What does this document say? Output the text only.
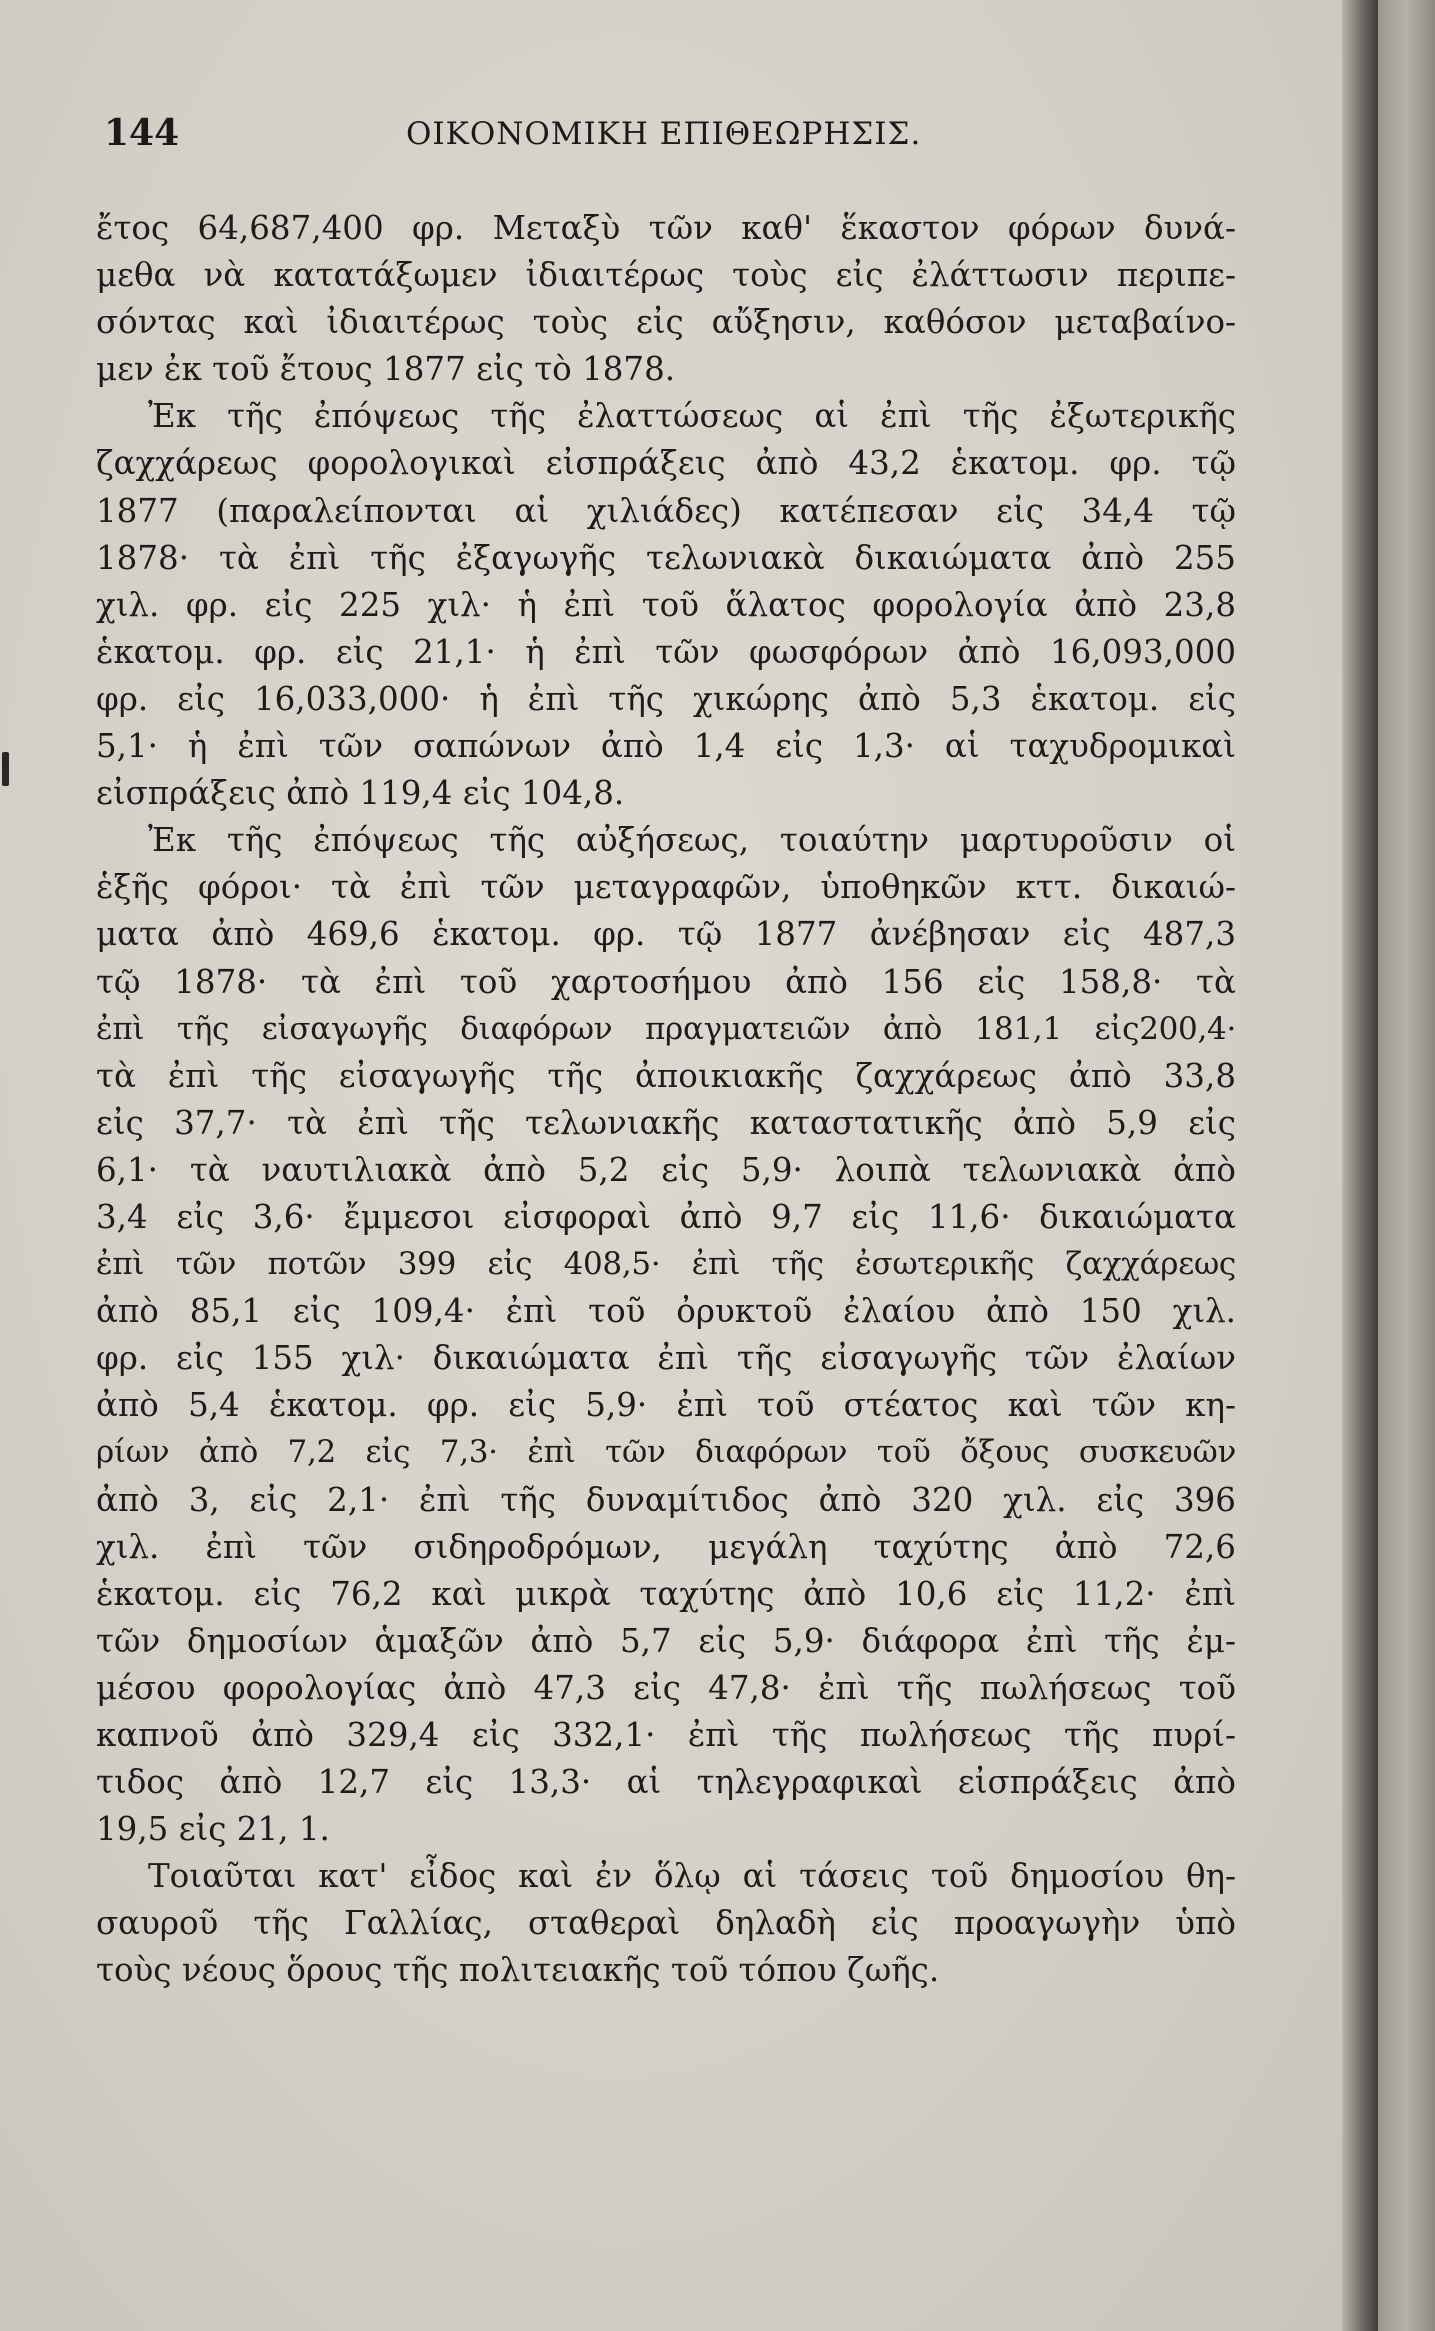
144	ΟΙΚΟΝΟΜΙΚΗ ΕΠΙΘΕΩΡΗΣΙΣ.
ἔτος 64,687,400 φρ. Μεταξὺ τῶν καθ' ἕκαστον φόρων δυνά-
μεθα νὰ κατατάξωμεν ἰδιαιτέρως τοὺς εἰς ἐλάττωσιν περιπε-
σόντας καὶ ἰδιαιτέρως τοὺς εἰς αὔξησιν, καθόσον μεταβαίνο-
μεν ἐκ τοῦ ἔτους 1877 εἰς τὸ 1878.
Ἐκ τῆς ἐπόψεως τῆς ἐλαττώσεως αἱ ἐπὶ τῆς ἐξωτερικῆς
ζαχχάρεως φορολογικαὶ εἰσπράξεις ἀπὸ 43,2 ἑκατομ. φρ. τῷ
1877 (παραλείπονται αἱ χιλιάδες) κατέπεσαν εἰς 34,4 τῷ
1878· τὰ ἐπὶ τῆς ἐξαγωγῆς τελωνιακὰ δικαιώματα ἀπὸ 255
χιλ. φρ. εἰς 225 χιλ· ἡ ἐπὶ τοῦ ἅλατος φορολογία ἀπὸ 23,8
ἑκατομ. φρ. εἰς 21,1· ἡ ἐπὶ τῶν φωσφόρων ἀπὸ 16,093,000
φρ. εἰς 16,033,000· ἡ ἐπὶ τῆς χικώρης ἀπὸ 5,3 ἑκατομ. εἰς
5,1· ἡ ἐπὶ τῶν σαπώνων ἀπὸ 1,4 εἰς 1,3· αἱ ταχυδρομικαὶ
εἰσπράξεις ἀπὸ 119,4 εἰς 104,8.
Ἐκ τῆς ἐπόψεως τῆς αὐξήσεως, τοιαύτην μαρτυροῦσιν οἱ
ἑξῆς φόροι· τὰ ἐπὶ τῶν μεταγραφῶν, ὑποθηκῶν κττ. δικαιώ-
ματα ἀπὸ 469,6 ἑκατομ. φρ. τῷ 1877 ἀνέβησαν εἰς 487,3
τῷ 1878· τὰ ἐπὶ τοῦ χαρτοσήμου ἀπὸ 156 εἰς 158,8· τὰ
ἐπὶ τῆς εἰσαγωγῆς διαφόρων πραγματειῶν ἀπὸ 181,1 εἰς200,4·
τὰ ἐπὶ τῆς εἰσαγωγῆς τῆς ἀποικιακῆς ζαχχάρεως ἀπὸ 33,8
εἰς 37,7· τὰ ἐπὶ τῆς τελωνιακῆς καταστατικῆς ἀπὸ 5,9 εἰς
6,1· τὰ ναυτιλιακὰ ἀπὸ 5,2 εἰς 5,9· λοιπὰ τελωνιακὰ ἀπὸ
3,4 εἰς 3,6· ἔμμεσοι εἰσφοραὶ ἀπὸ 9,7 εἰς 11,6· δικαιώματα
ἐπὶ τῶν ποτῶν 399 εἰς 408,5· ἐπὶ τῆς ἐσωτερικῆς ζαχχάρεως
ἀπὸ 85,1 εἰς 109,4· ἐπὶ τοῦ ὀρυκτοῦ ἐλαίου ἀπὸ 150 χιλ.
φρ. εἰς 155 χιλ· δικαιώματα ἐπὶ τῆς εἰσαγωγῆς τῶν ἐλαίων
ἀπὸ 5,4 ἑκατομ. φρ. εἰς 5,9· ἐπὶ τοῦ στέατος καὶ τῶν κη-
ρίων ἀπὸ 7,2 εἰς 7,3· ἐπὶ τῶν διαφόρων τοῦ ὄξους συσκευῶν
ἀπὸ 3, εἰς 2,1· ἐπὶ τῆς δυναμίτιδος ἀπὸ 320 χιλ. εἰς 396
χιλ. ἐπὶ τῶν σιδηροδρόμων, μεγάλη ταχύτης ἀπὸ 72,6
ἑκατομ. εἰς 76,2 καὶ μικρὰ ταχύτης ἀπὸ 10,6 εἰς 11,2· ἐπὶ
τῶν δημοσίων ἁμαξῶν ἀπὸ 5,7 εἰς 5,9· διάφορα ἐπὶ τῆς ἐμ-
μέσου φορολογίας ἀπὸ 47,3 εἰς 47,8· ἐπὶ τῆς πωλήσεως τοῦ
καπνοῦ ἀπὸ 329,4 εἰς 332,1· ἐπὶ τῆς πωλήσεως τῆς πυρί-
τιδος ἀπὸ 12,7 εἰς 13,3· αἱ τηλεγραφικαὶ εἰσπράξεις ἀπὸ
19,5 εἰς 21, 1.
Τοιαῦται κατ' εἶδος καὶ ἐν ὅλῳ αἱ τάσεις τοῦ δημοσίου θη-
σαυροῦ τῆς Γαλλίας, σταθεραὶ δηλαδὴ εἰς προαγωγὴν ὑπὸ
τοὺς νέους ὅρους τῆς πολιτειακῆς τοῦ τόπου ζωῆς.
